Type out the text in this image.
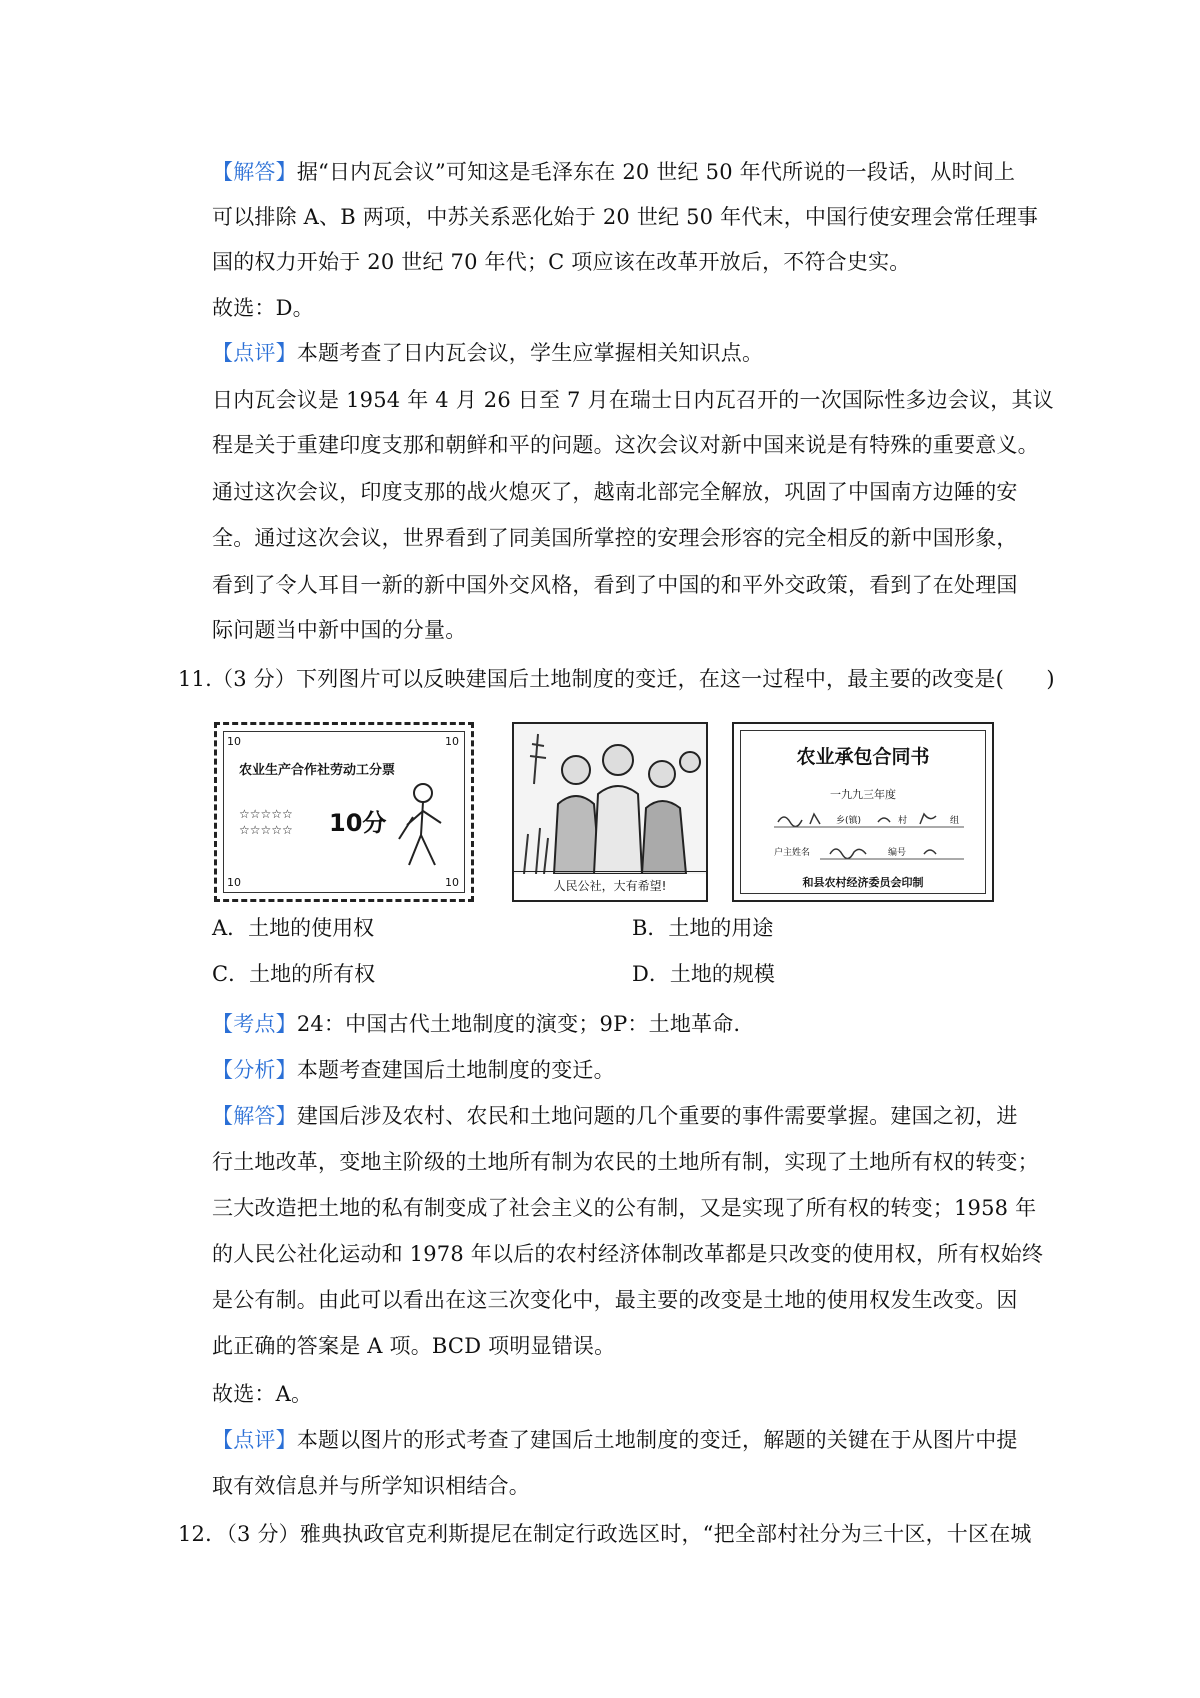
【解答】据“日内瓦会议”可知这是毛泽东在 20 世纪 50 年代所说的一段话，从时间上
可以排除 A、B 两项，中苏关系恶化始于 20 世纪 50 年代末，中国行使安理会常任理事
国的权力开始于 20 世纪 70 年代；C 项应该在改革开放后，不符合史实。
故选：D。
【点评】本题考查了日内瓦会议，学生应掌握相关知识点。
日内瓦会议是 1954 年 4 月 26 日至 7 月在瑞士日内瓦召开的一次国际性多边会议，其议
程是关于重建印度支那和朝鲜和平的问题。这次会议对新中国来说是有特殊的重要意义。
通过这次会议，印度支那的战火熄灭了，越南北部完全解放，巩固了中国南方边陲的安
全。通过这次会议，世界看到了同美国所掌控的安理会形容的完全相反的新中国形象，
看到了令人耳目一新的新中国外交风格，看到了中国的和平外交政策，看到了在处理国
际问题当中新中国的分量。
11.（3 分）下列图片可以反映建国后土地制度的变迁，在这一过程中，最主要的改变是(　　)
10	10
农业生产合作社劳动工分票
☆☆☆☆☆
☆☆☆☆☆ 10分
10	10	人民公社，大有希望!
农业承包合同书
一九九三年度
乡(镇)	村	组
户主姓名	编号
和县农村经济委员会印制
A．土地的使用权	B．土地的用途
C．土地的所有权	D．土地的规模
【考点】24：中国古代土地制度的演变；9P：土地革命.
【分析】本题考查建国后土地制度的变迁。
【解答】建国后涉及农村、农民和土地问题的几个重要的事件需要掌握。建国之初，进
行土地改革，变地主阶级的土地所有制为农民的土地所有制，实现了土地所有权的转变；
三大改造把土地的私有制变成了社会主义的公有制，又是实现了所有权的转变；1958 年
的人民公社化运动和 1978 年以后的农村经济体制改革都是只改变的使用权，所有权始终
是公有制。由此可以看出在这三次变化中，最主要的改变是土地的使用权发生改变。因
此正确的答案是 A 项。BCD 项明显错误。
故选：A。
【点评】本题以图片的形式考查了建国后土地制度的变迁，解题的关键在于从图片中提
取有效信息并与所学知识相结合。
12．（3 分）雅典执政官克利斯提尼在制定行政选区时，“把全部村社分为三十区，十区在城
